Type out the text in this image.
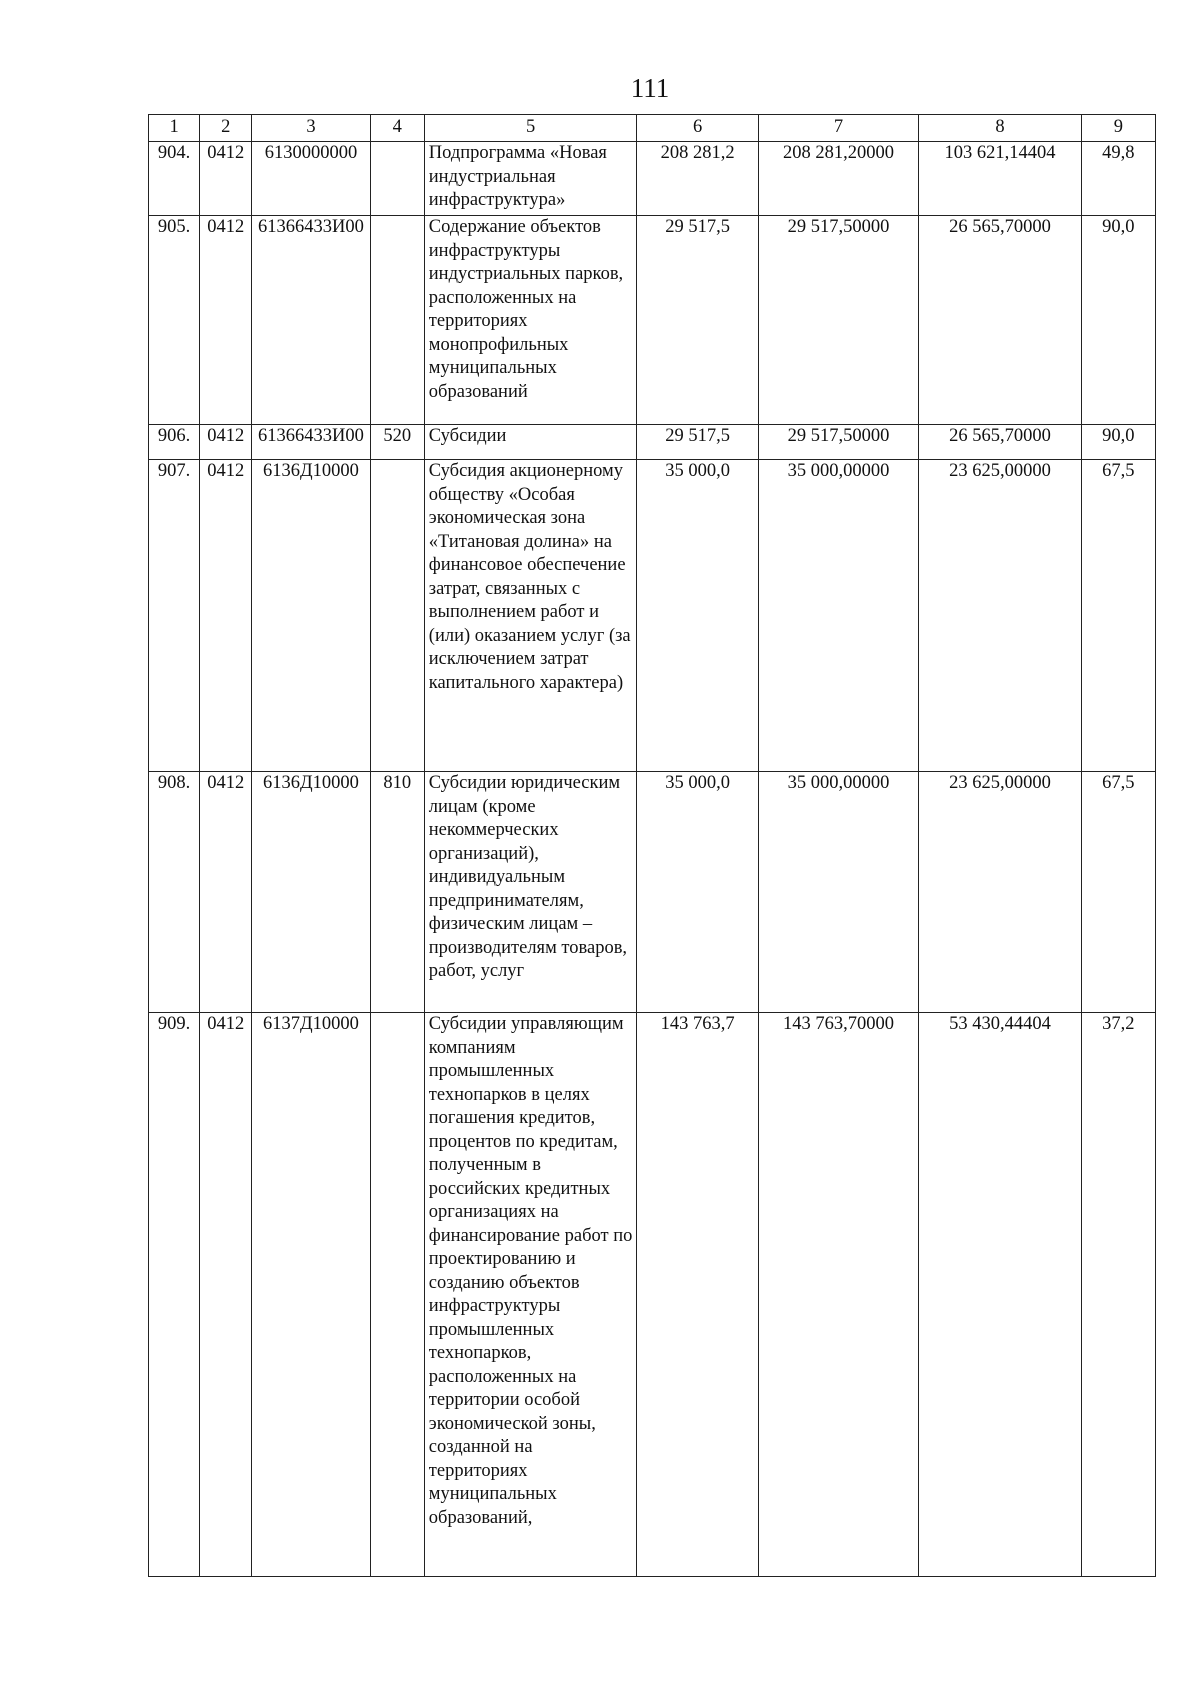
111
1	2	3	4	5	6	7	8	9
904.	0412	6130000000		Подпрограмма «Новая индустриальная инфраструктура»	208 281,2	208 281,20000	103 621,14404	49,8
905.	0412	61366433И00		Содержание объектов инфраструктуры индустриальных парков, расположенных на территориях монопрофильных муниципальных образований	29 517,5	29 517,50000	26 565,70000	90,0
906.	0412	61366433И00	520	Субсидии	29 517,5	29 517,50000	26 565,70000	90,0
907.	0412	6136Д10000		Субсидия акционерному обществу «Особая экономическая зона «Титановая долина» на финансовое обеспечение затрат, связанных с выполнением работ и (или) оказанием услуг (за исключением затрат капитального характера)	35 000,0	35 000,00000	23 625,00000	67,5
908.	0412	6136Д10000	810	Субсидии юридическим лицам (кроме некоммерческих организаций), индивидуальным предпринимателям, физическим лицам – производителям товаров, работ, услуг	35 000,0	35 000,00000	23 625,00000	67,5
909.	0412	6137Д10000		Субсидии управляющим компаниям промышленных технопарков в целях погашения кредитов, процентов по кредитам, полученным в российских кредитных организациях на финансирование работ по проектированию и созданию объектов инфраструктуры промышленных технопарков, расположенных на территории особой экономической зоны, созданной на территориях муниципальных образований,	143 763,7	143 763,70000	53 430,44404	37,2
